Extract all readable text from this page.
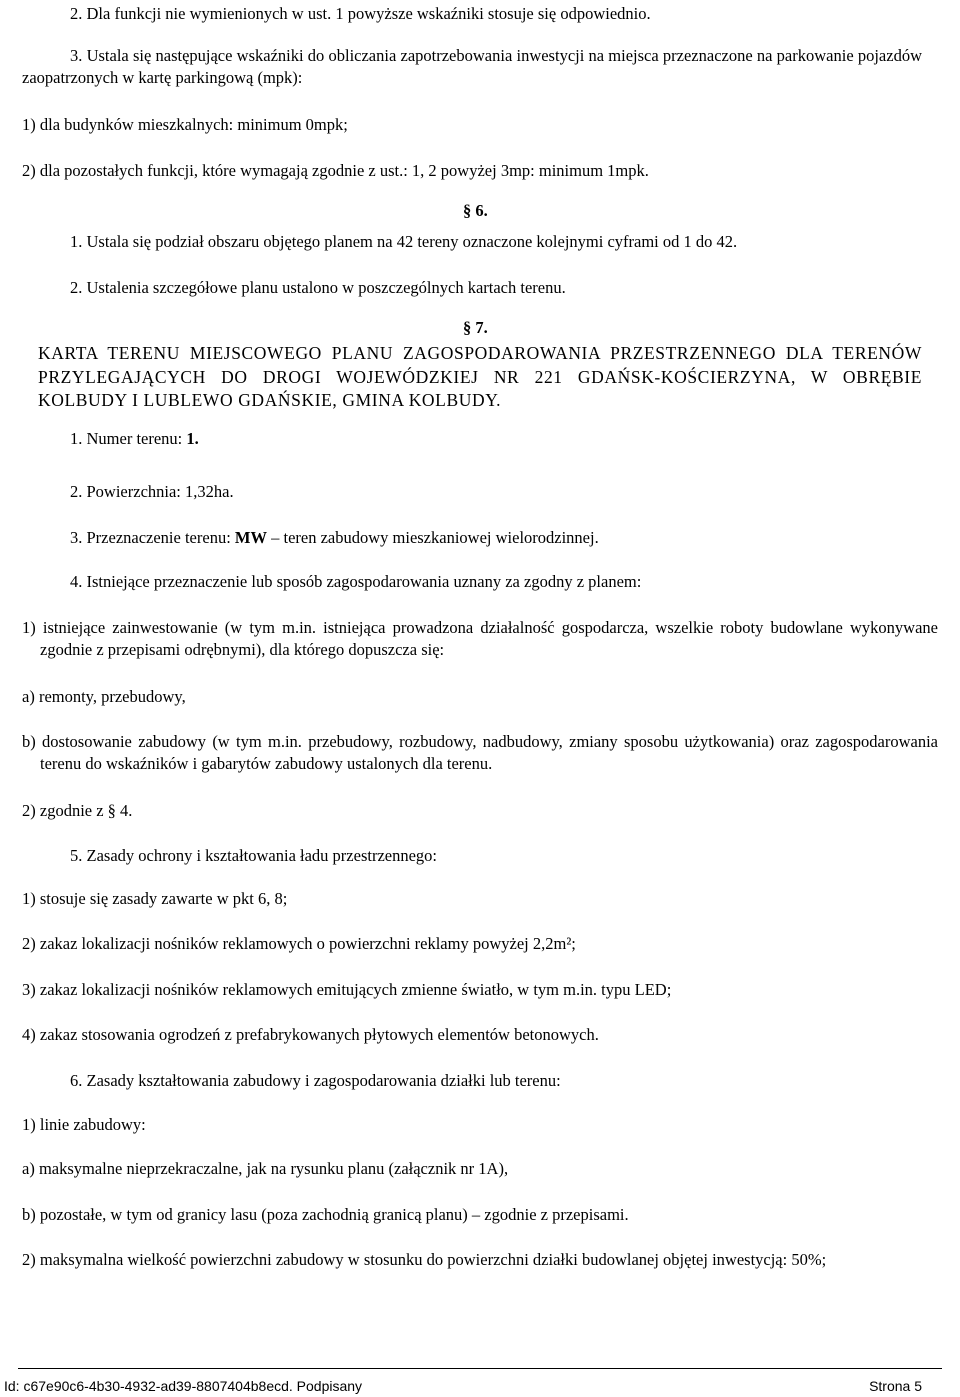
2. Dla funkcji nie wymienionych w ust. 1 powyższe wskaźniki stosuje się odpowiednio.
3. Ustala się następujące wskaźniki do obliczania zapotrzebowania inwestycji na miejsca przeznaczone na parkowanie pojazdów zaopatrzonych w kartę parkingową (mpk):
1) dla budynków mieszkalnych: minimum 0mpk;
2) dla pozostałych funkcji, które wymagają zgodnie z ust.: 1, 2 powyżej 3mp: minimum 1mpk.
§ 6.
1. Ustala się podział obszaru objętego planem na 42 tereny oznaczone kolejnymi cyframi od 1 do 42.
2. Ustalenia szczegółowe planu ustalono w poszczególnych kartach terenu.
§ 7.
KARTA TERENU MIEJSCOWEGO PLANU ZAGOSPODAROWANIA PRZESTRZENNEGO DLA TERENÓW PRZYLEGAJĄCYCH DO DROGI WOJEWÓDZKIEJ NR 221 GDAŃSK-KOŚCIERZYNA, W OBRĘBIE KOLBUDY I LUBLEWO GDAŃSKIE, GMINA KOLBUDY.
1. Numer terenu: 1.
2. Powierzchnia: 1,32ha.
3. Przeznaczenie terenu: MW – teren zabudowy mieszkaniowej wielorodzinnej.
4. Istniejące przeznaczenie lub sposób zagospodarowania uznany za zgodny z planem:
1) istniejące zainwestowanie (w tym m.in. istniejąca prowadzona działalność gospodarcza, wszelkie roboty budowlane wykonywane zgodnie z przepisami odrębnymi), dla którego dopuszcza się:
a) remonty, przebudowy,
b) dostosowanie zabudowy (w tym m.in. przebudowy, rozbudowy, nadbudowy, zmiany sposobu użytkowania) oraz zagospodarowania terenu do wskaźników i gabarytów zabudowy ustalonych dla terenu.
2) zgodnie z § 4.
5. Zasady ochrony i kształtowania ładu przestrzennego:
1) stosuje się zasady zawarte w pkt 6, 8;
2) zakaz lokalizacji nośników reklamowych o powierzchni reklamy powyżej 2,2m²;
3) zakaz lokalizacji nośników reklamowych emitujących zmienne światło, w tym m.in. typu LED;
4) zakaz stosowania ogrodzeń z prefabrykowanych płytowych elementów betonowych.
6. Zasady kształtowania zabudowy i zagospodarowania działki lub terenu:
1) linie zabudowy:
a) maksymalne nieprzekraczalne, jak na rysunku planu (załącznik nr 1A),
b) pozostałe, w tym od granicy lasu (poza zachodnią granicą planu) – zgodnie z przepisami.
2) maksymalna wielkość powierzchni zabudowy w stosunku do powierzchni działki budowlanej objętej inwestycją: 50%;
Id: c67e90c6-4b30-4932-ad39-8807404b8ecd. Podpisany	Strona 5
